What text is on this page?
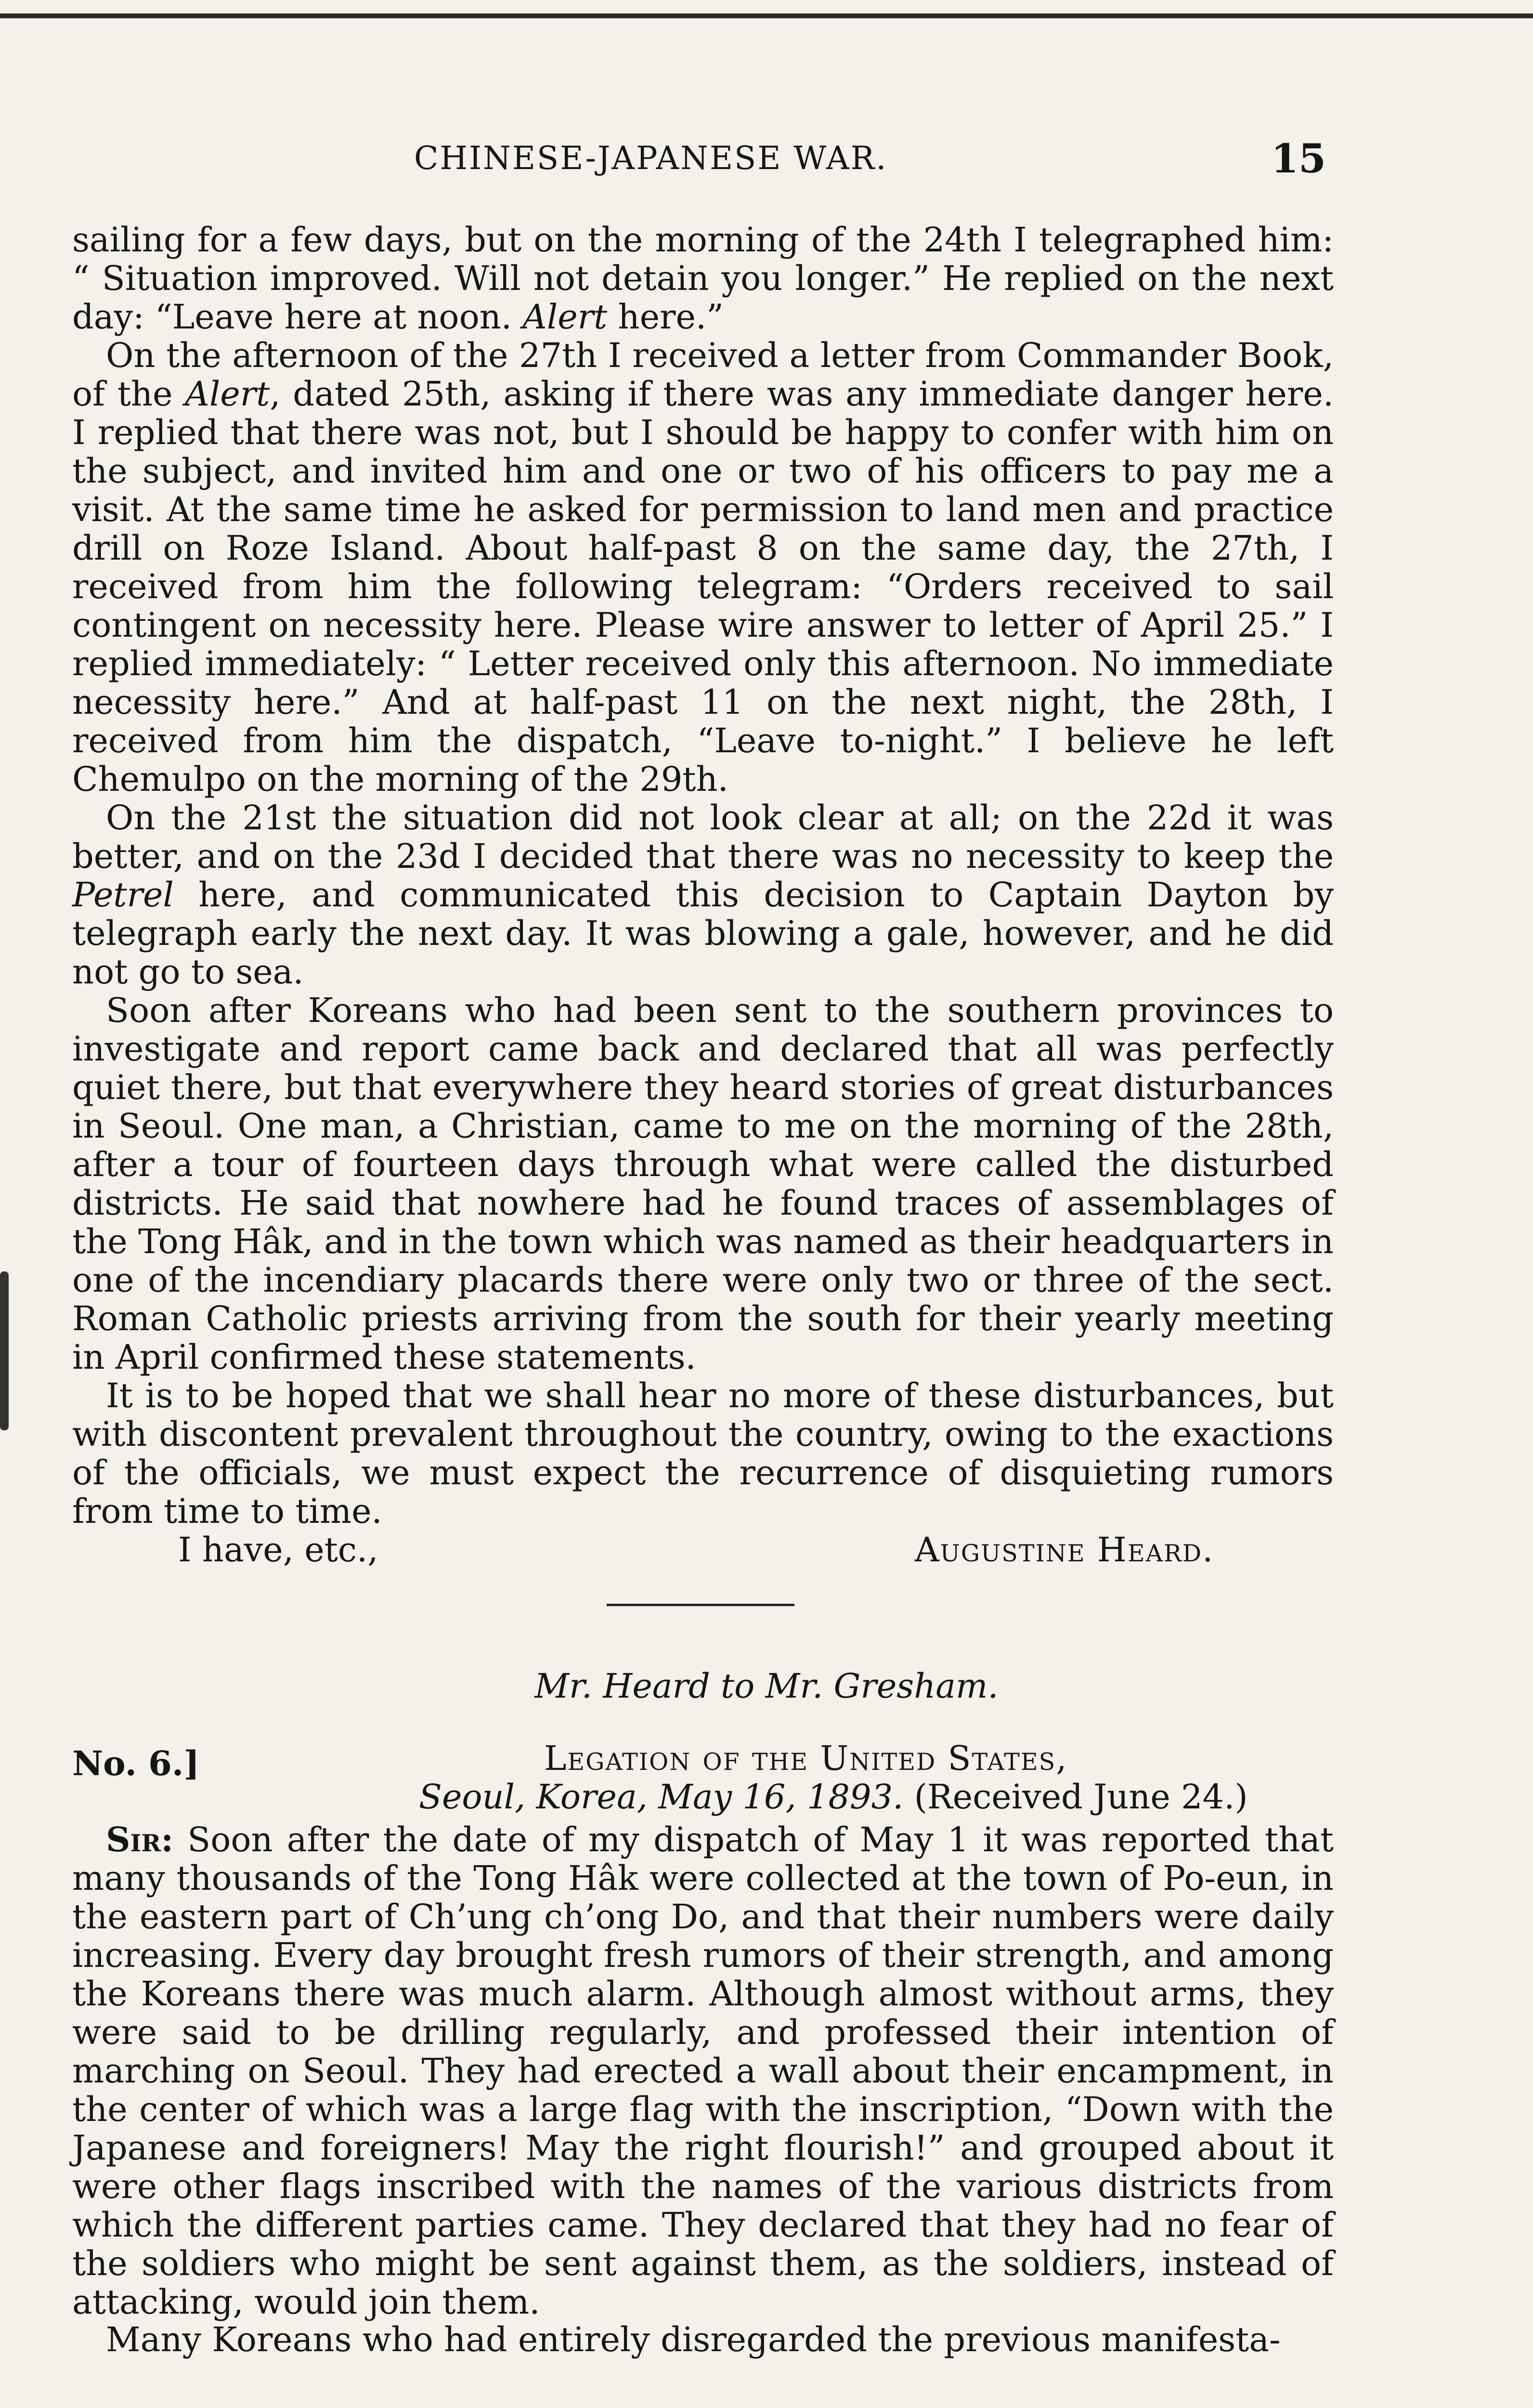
CHINESE-JAPANESE WAR.	15

sailing for a few days, but on the morning of the 24th I telegraphed him: “ Situation improved. Will not detain you longer.” He replied on the next day: “Leave here at noon. Alert here.”

On the afternoon of the 27th I received a letter from Commander Book, of the Alert, dated 25th, asking if there was any immediate danger here. I replied that there was not, but I should be happy to confer with him on the subject, and invited him and one or two of his officers to pay me a visit. At the same time he asked for permission to land men and practice drill on Roze Island. About half-past 8 on the same day, the 27th, I received from him the following telegram: “Orders received to sail contingent on necessity here. Please wire answer to letter of April 25.” I replied immediately: “ Letter received only this afternoon. No immediate necessity here.” And at half-past 11 on the next night, the 28th, I received from him the dispatch, “Leave to-night.” I believe he left Chemulpo on the morning of the 29th.

On the 21st the situation did not look clear at all; on the 22d it was better, and on the 23d I decided that there was no necessity to keep the Petrel here, and communicated this decision to Captain Dayton by telegraph early the next day. It was blowing a gale, however, and he did not go to sea.

Soon after Koreans who had been sent to the southern provinces to investigate and report came back and declared that all was perfectly quiet there, but that everywhere they heard stories of great disturbances in Seoul. One man, a Christian, came to me on the morning of the 28th, after a tour of fourteen days through what were called the disturbed districts. He said that nowhere had he found traces of assemblages of the Tong Hâk, and in the town which was named as their headquarters in one of the incendiary placards there were only two or three of the sect. Roman Catholic priests arriving from the south for their yearly meeting in April confirmed these statements.

It is to be hoped that we shall hear no more of these disturbances, but with discontent prevalent throughout the country, owing to the exactions of the officials, we must expect the recurrence of disquieting rumors from time to time.

I have, etc.,	Augustine Heard.
Mr. Heard to Mr. Gresham.
No. 6.]	Legation of the United States,
Seoul, Korea, May 16, 1893. (Received June 24.)

Sir: Soon after the date of my dispatch of May 1 it was reported that many thousands of the Tong Hâk were collected at the town of Po-eun, in the eastern part of Ch’ung ch’ong Do, and that their numbers were daily increasing. Every day brought fresh rumors of their strength, and among the Koreans there was much alarm. Although almost without arms, they were said to be drilling regularly, and professed their intention of marching on Seoul. They had erected a wall about their encampment, in the center of which was a large flag with the inscription, “Down with the Japanese and foreigners! May the right flourish!” and grouped about it were other flags inscribed with the names of the various districts from which the different parties came. They declared that they had no fear of the soldiers who might be sent against them, as the soldiers, instead of attacking, would join them.

Many Koreans who had entirely disregarded the previous manifesta-
